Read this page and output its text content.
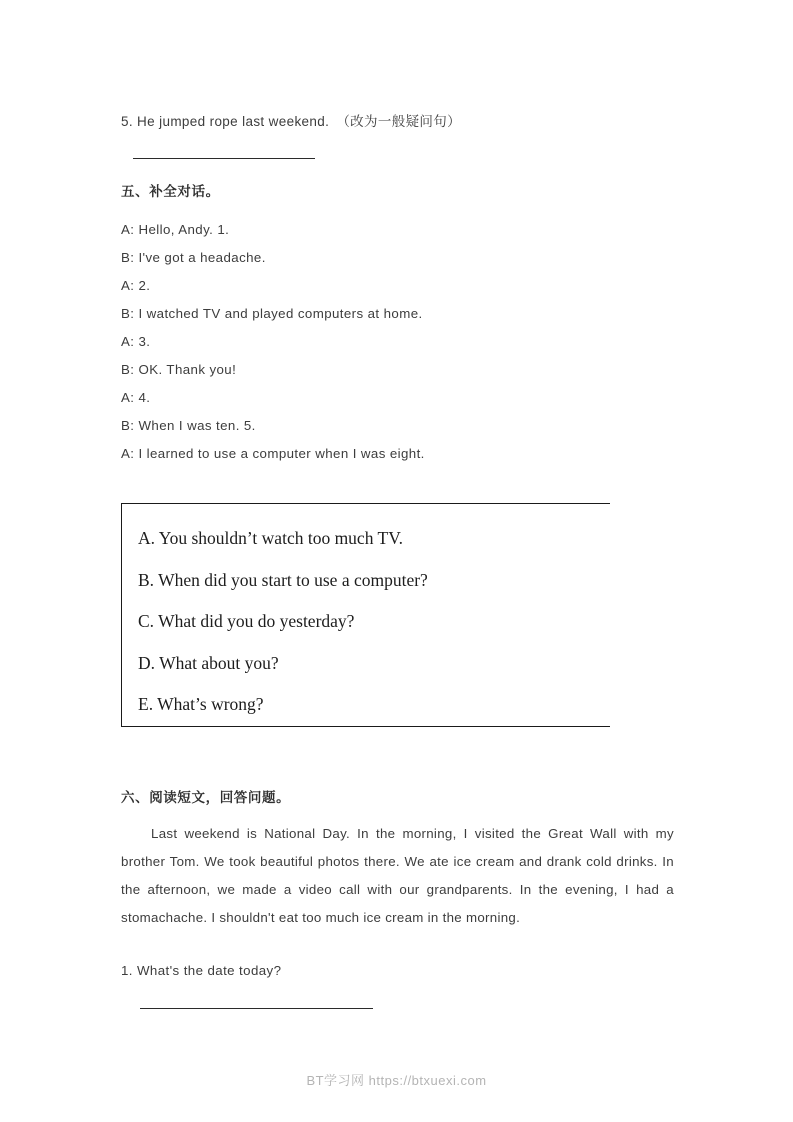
5. He jumped rope last weekend.　（改为一般疑问句）
五、补全对话。
A: Hello, Andy. 1.
B: I've got a headache.
A: 2.
B: I watched TV and played computers at home.
A: 3.
B: OK. Thank you!
A: 4.
B: When I was ten. 5.
A: I learned to use a computer when I was eight.
A. You shouldn’t watch too much TV.
B. When did you start to use a computer?
C. What did you do yesterday?
D. What about you?
E. What’s wrong?
六、阅读短文，回答问题。

Last weekend is National Day. In the morning, I visited the Great Wall with my brother Tom. We took beautiful photos there. We ate ice cream and drank cold drinks. In the afternoon, we made a video call with our grandparents. In the evening, I had a stomachache. I shouldn't eat too much ice cream in the morning.

1. What's the date today?
BT学习网 https://btxuexi.com
